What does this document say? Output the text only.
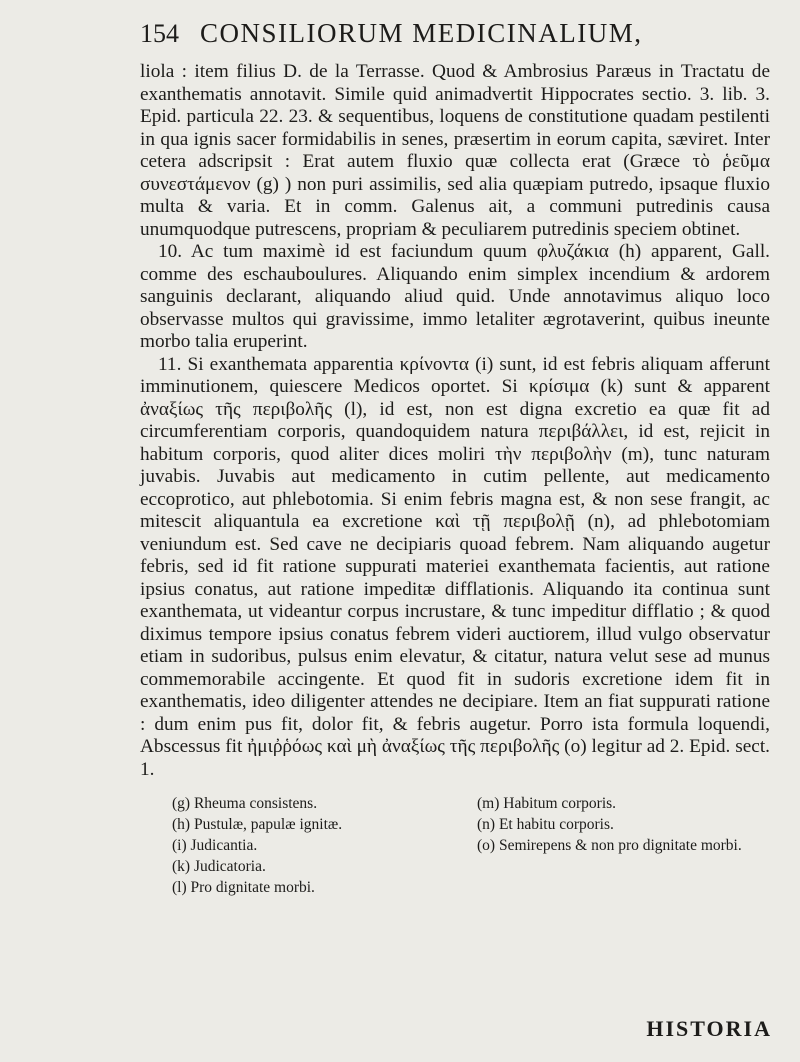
154 CONSILIORUM MEDICINALIUM,

liola : item filius D. de la Terrasse. Quod & Ambrosius Paræus in Tractatu de exanthematis annotavit. Simile quid animadvertit Hippocrates sectio. 3. lib. 3. Epid. particula 22. 23. & sequentibus, loquens de constitutione quadam pestilenti in qua ignis sacer formidabilis in senes, præsertim in eorum capita, sæviret. Inter cetera adscripsit : Erat autem fluxio quæ collecta erat (Græce τὸ ῥεῦμα συνεστάμενον (g) ) non puri assimilis, sed alia quæpiam putredo, ipsaque fluxio multa & varia. Et in comm. Galenus ait, a communi putredinis causa unumquodque putrescens, propriam & peculiarem putredinis speciem obtinet.

10. Ac tum maximè id est faciundum quum φλυζάκια (h) apparent, Gall. comme des eschauboulures. Aliquando enim simplex incendium & ardorem sanguinis declarant, aliquando aliud quid. Unde annotavimus aliquo loco observasse multos qui gravissime, immo letaliter ægrotaverint, quibus ineunte morbo talia eruperint.

11. Si exanthemata apparentia κρίνοντα (i) sunt, id est febris aliquam afferunt imminutionem, quiescere Medicos oportet. Si κρίσιμα (k) sunt & apparent ἀναξίως τῆς περιβολῆς (l), id est, non est digna excretio ea quæ fit ad circumferentiam corporis, quandoquidem natura περιβάλλει, id est, rejicit in habitum corporis, quod aliter dices moliri τὴν περιβολὴν (m), tunc naturam juvabis. Juvabis aut medicamento in cutim pellente, aut medicamento eccoprotico, aut phlebotomia. Si enim febris magna est, & non sese frangit, ac mitescit aliquantula ea excretione καὶ τῇ περιβολῇ (n), ad phlebotomiam veniundum est. Sed cave ne decipiaris quoad febrem. Nam aliquando augetur febris, sed id fit ratione suppurati materiei exanthemata facientis, aut ratione ipsius conatus, aut ratione impeditæ difflationis. Aliquando ita continua sunt exanthemata, ut videantur corpus incrustare, & tunc impeditur difflatio ; & quod diximus tempore ipsius conatus febrem videri auctiorem, illud vulgo observatur etiam in sudoribus, pulsus enim elevatur, & citatur, natura velut sese ad munus commemorabile accingente. Et quod fit in sudoris excretione idem fit in exanthematis, ideo diligenter attendes ne decipiare. Item an fiat suppurati ratione : dum enim pus fit, dolor fit, & febris augetur. Porro ista formula loquendi, Abscessus fit ἠμιῤῥόως καὶ μὴ ἀναξίως τῆς περιβολῆς (o) legitur ad 2. Epid. sect. 1.

(g) Rheuma consistens.
(h) Pustulæ, papulæ ignitæ.
(i) Judicantia.
(k) Judicatoria.
(l) Pro dignitate morbi.
(m) Habitum corporis.
(n) Et habitu corporis.
(o) Semirepens & non pro dignitate morbi.
HISTORIA
